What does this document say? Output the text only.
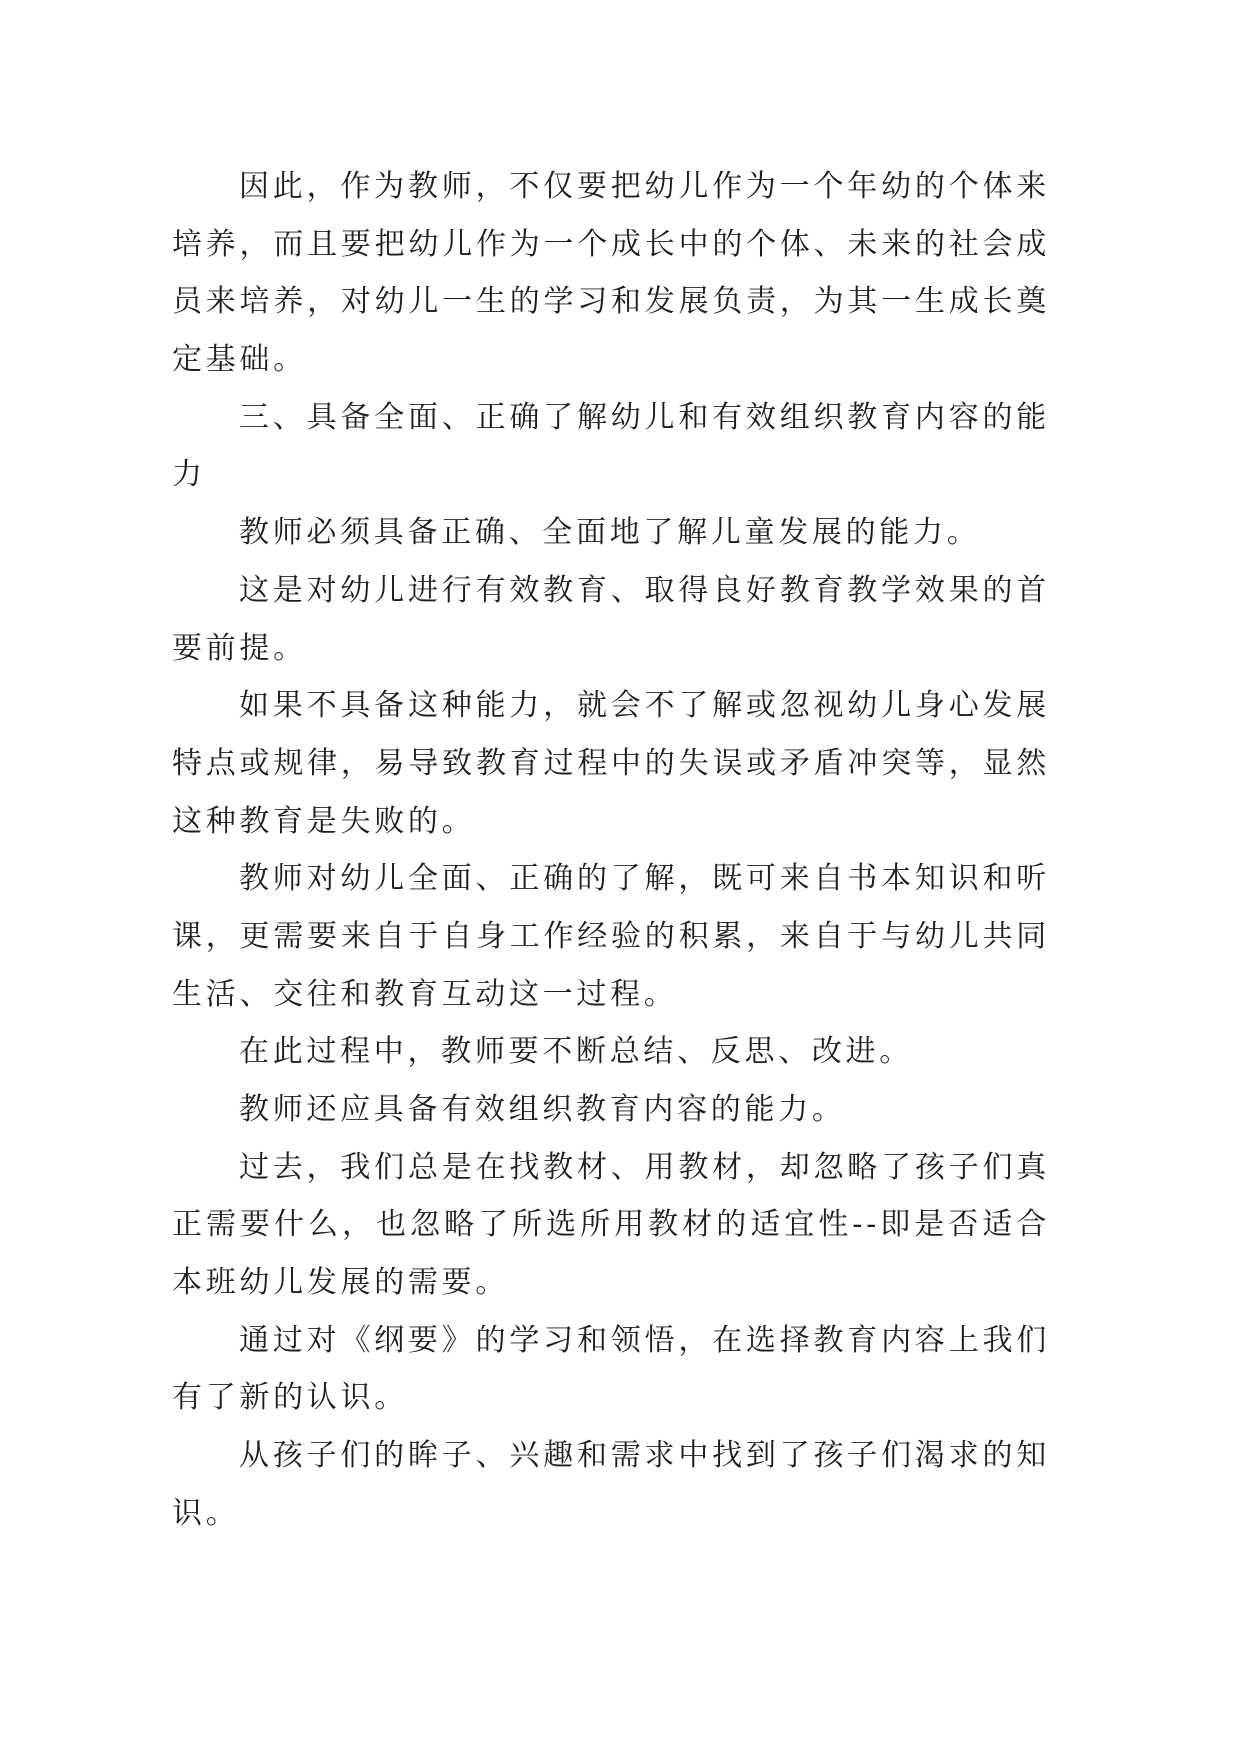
因此，作为教师，不仅要把幼儿作为一个年幼的个体来
培养，而且要把幼儿作为一个成长中的个体、未来的社会成
员来培养，对幼儿一生的学习和发展负责，为其一生成长奠
定基础。
三、具备全面、正确了解幼儿和有效组织教育内容的能
力
教师必须具备正确、全面地了解儿童发展的能力。
这是对幼儿进行有效教育、取得良好教育教学效果的首
要前提。
如果不具备这种能力，就会不了解或忽视幼儿身心发展
特点或规律，易导致教育过程中的失误或矛盾冲突等，显然
这种教育是失败的。
教师对幼儿全面、正确的了解，既可来自书本知识和听
课，更需要来自于自身工作经验的积累，来自于与幼儿共同
生活、交往和教育互动这一过程。
在此过程中，教师要不断总结、反思、改进。
教师还应具备有效组织教育内容的能力。
过去，我们总是在找教材、用教材，却忽略了孩子们真
正需要什么，也忽略了所选所用教材的适宜性--即是否适合
本班幼儿发展的需要。
通过对《纲要》的学习和领悟，在选择教育内容上我们
有了新的认识。
从孩子们的眸子、兴趣和需求中找到了孩子们渴求的知
识。
